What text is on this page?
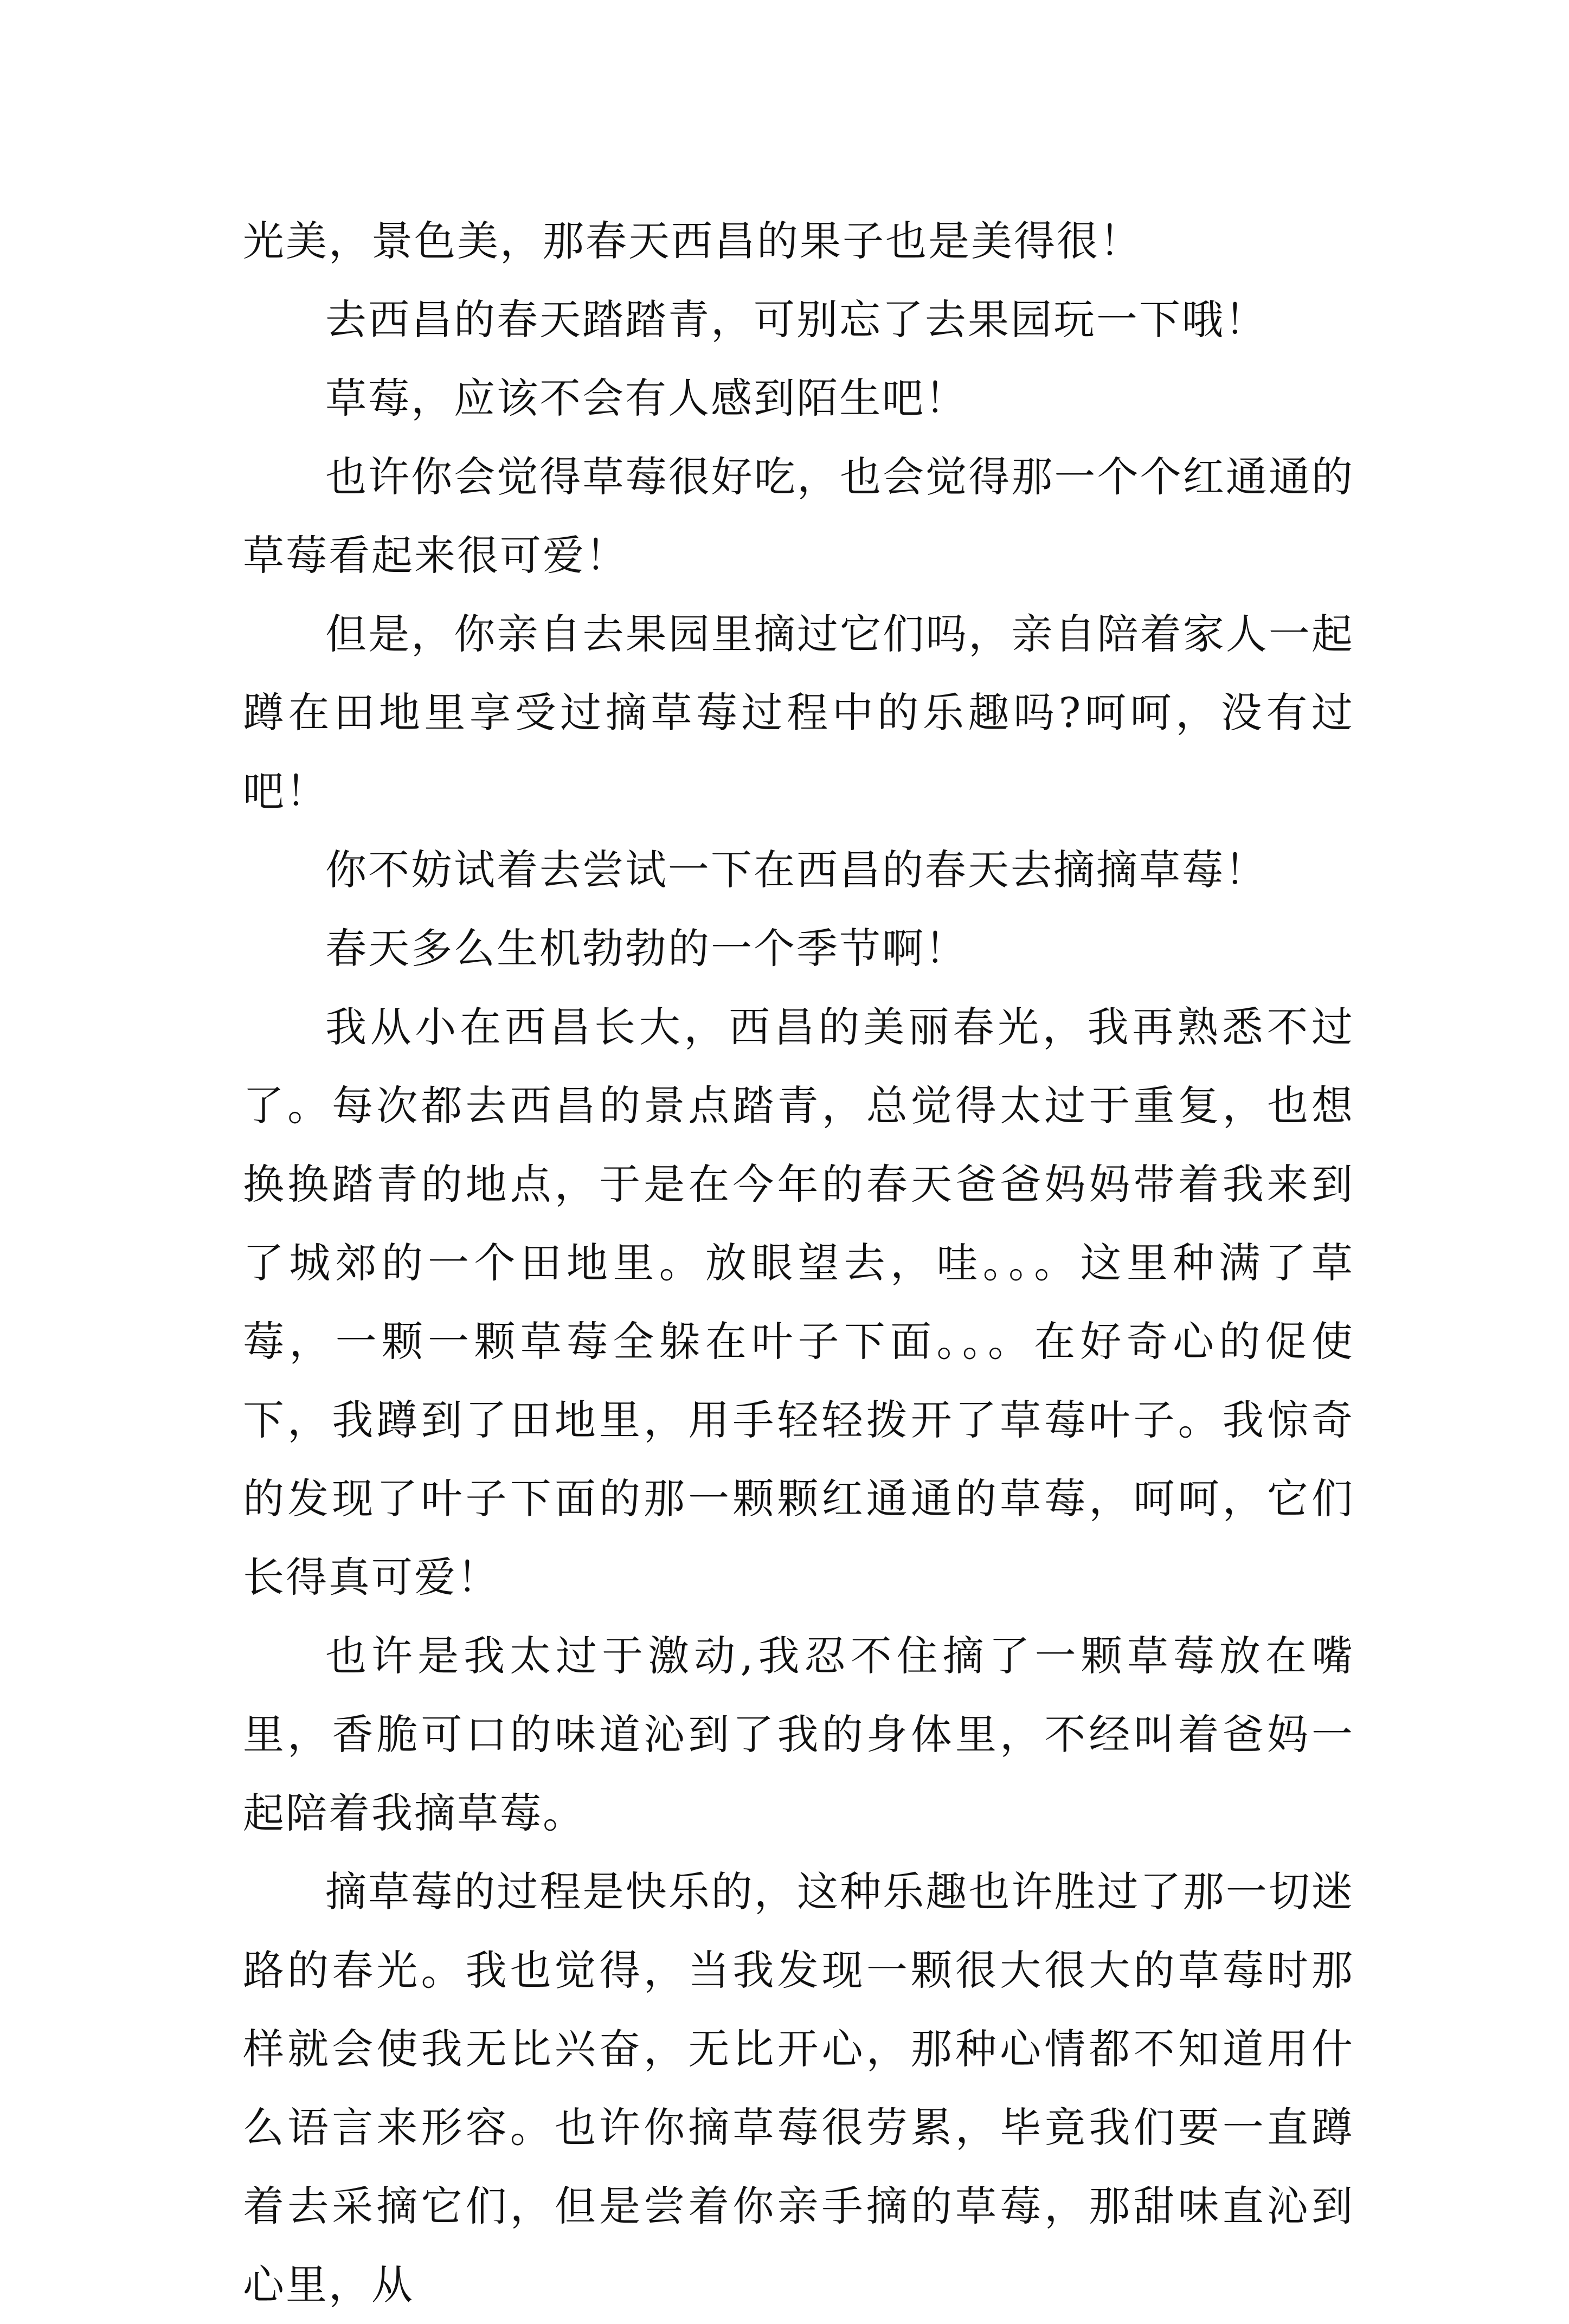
光美，景色美，那春天西昌的果子也是美得很！

去西昌的春天踏踏青，可别忘了去果园玩一下哦！

草莓，应该不会有人感到陌生吧！

也许你会觉得草莓很好吃，也会觉得那一个个红通通的草莓看起来很可爱！

但是，你亲自去果园里摘过它们吗，亲自陪着家人一起蹲在田地里享受过摘草莓过程中的乐趣吗?呵呵，没有过吧！

你不妨试着去尝试一下在西昌的春天去摘摘草莓！

春天多么生机勃勃的一个季节啊！

我从小在西昌长大，西昌的美丽春光，我再熟悉不过了。每次都去西昌的景点踏青，总觉得太过于重复，也想换换踏青的地点，于是在今年的春天爸爸妈妈带着我来到了城郊的一个田地里。放眼望去，哇。。。这里种满了草莓，一颗一颗草莓全躲在叶子下面。。。在好奇心的促使下，我蹲到了田地里，用手轻轻拨开了草莓叶子。我惊奇的发现了叶子下面的那一颗颗红通通的草莓，呵呵，它们长得真可爱！

也许是我太过于激动,我忍不住摘了一颗草莓放在嘴里，香脆可口的味道沁到了我的身体里，不经叫着爸妈一起陪着我摘草莓。

摘草莓的过程是快乐的，这种乐趣也许胜过了那一切迷路的春光。我也觉得，当我发现一颗很大很大的草莓时那样就会使我无比兴奋，无比开心，那种心情都不知道用什么语言来形容。也许你摘草莓很劳累，毕竟我们要一直蹲着去采摘它们，但是尝着你亲手摘的草莓，那甜味直沁到心里，从
